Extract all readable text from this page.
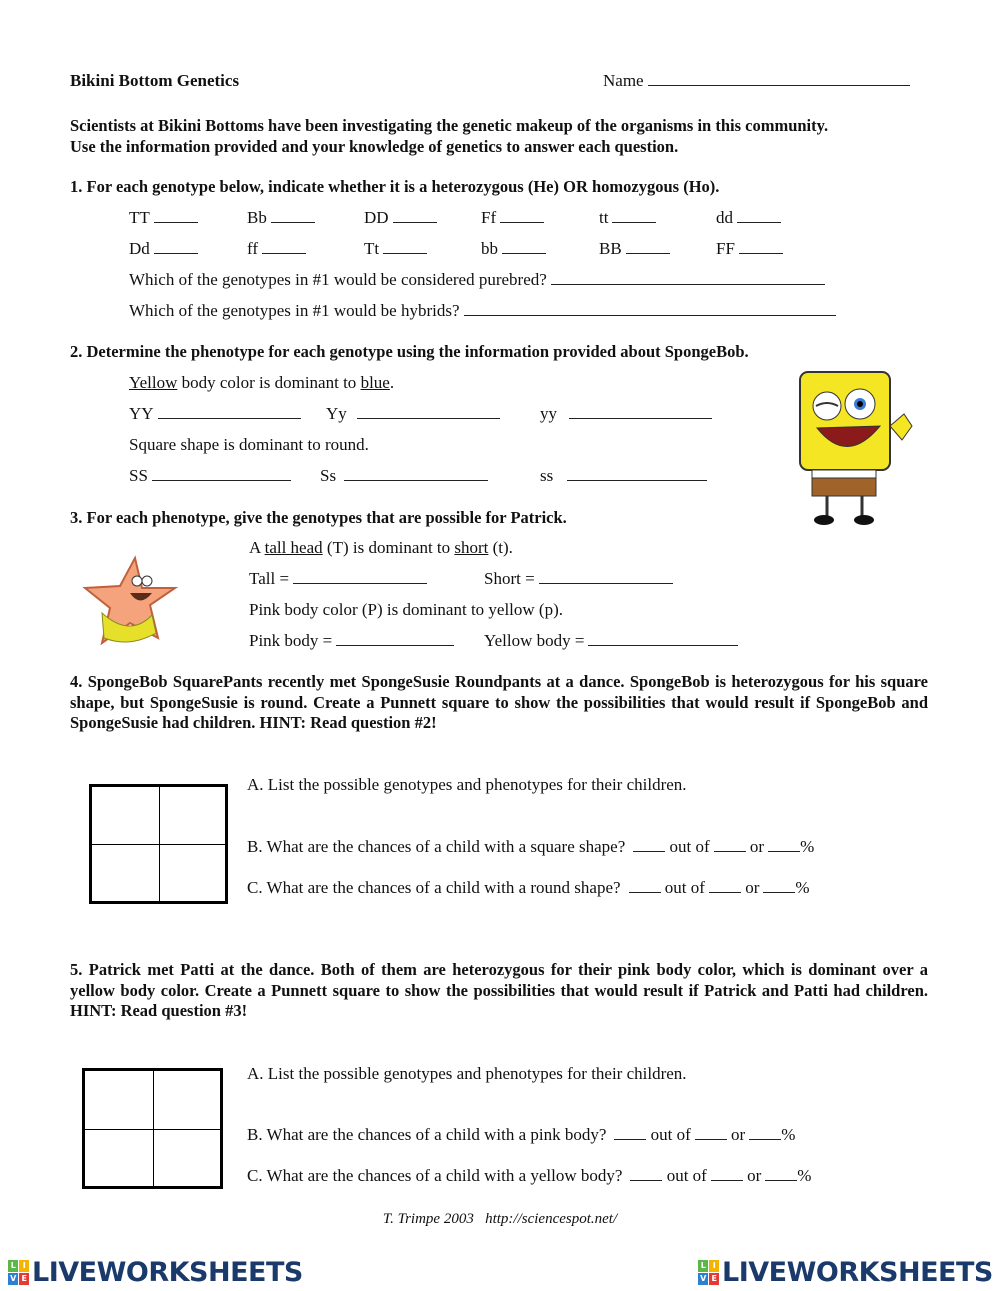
Bikini Bottom Genetics	Name
Scientists at Bikini Bottoms have been investigating the genetic makeup of the organisms in this community.
Use the information provided and your knowledge of genetics to answer each question.
1. For each genotype below, indicate whether it is a heterozygous (He) OR homozygous (Ho).
TT	Bb	DD	Ff	tt	dd
Dd	ff	Tt	bb	BB	FF
Which of the genotypes in #1 would be considered purebred?
Which of the genotypes in #1 would be hybrids?
2. Determine the phenotype for each genotype using the information provided about SpongeBob.
Yellow body color is dominant to blue.
YY	Yy	yy
Square shape is dominant to round.
SS	Ss	ss
3. For each phenotype, give the genotypes that are possible for Patrick.
A tall head (T) is dominant to short (t).
Tall =	Short =
Pink body color (P) is dominant to yellow (p).
Pink body =	Yellow body =
4. SpongeBob SquarePants recently met SpongeSusie Roundpants at a dance. SpongeBob is heterozygous for his square shape, but SpongeSusie is round. Create a Punnett square to show the possibilities that would result if SpongeBob and SpongeSusie had children. HINT: Read question #2!
A. List the possible genotypes and phenotypes for their children.
B. What are the chances of a child with a square shape?	out of or %
C. What are the chances of a child with a round shape?	out of or %
5. Patrick met Patti at the dance. Both of them are heterozygous for their pink body color, which is dominant over a yellow body color. Create a Punnett square to show the possibilities that would result if Patrick and Patti had children. HINT: Read question #3!
A. List the possible genotypes and phenotypes for their children.
B. What are the chances of a child with a pink body?	out of or %
C. What are the chances of a child with a yellow body?	out of or %
T. Trimpe 2003   http://sciencespot.net/
L I
V E LIVEWORKSHEETS	L I
V E LIVEWORKSHEETS
